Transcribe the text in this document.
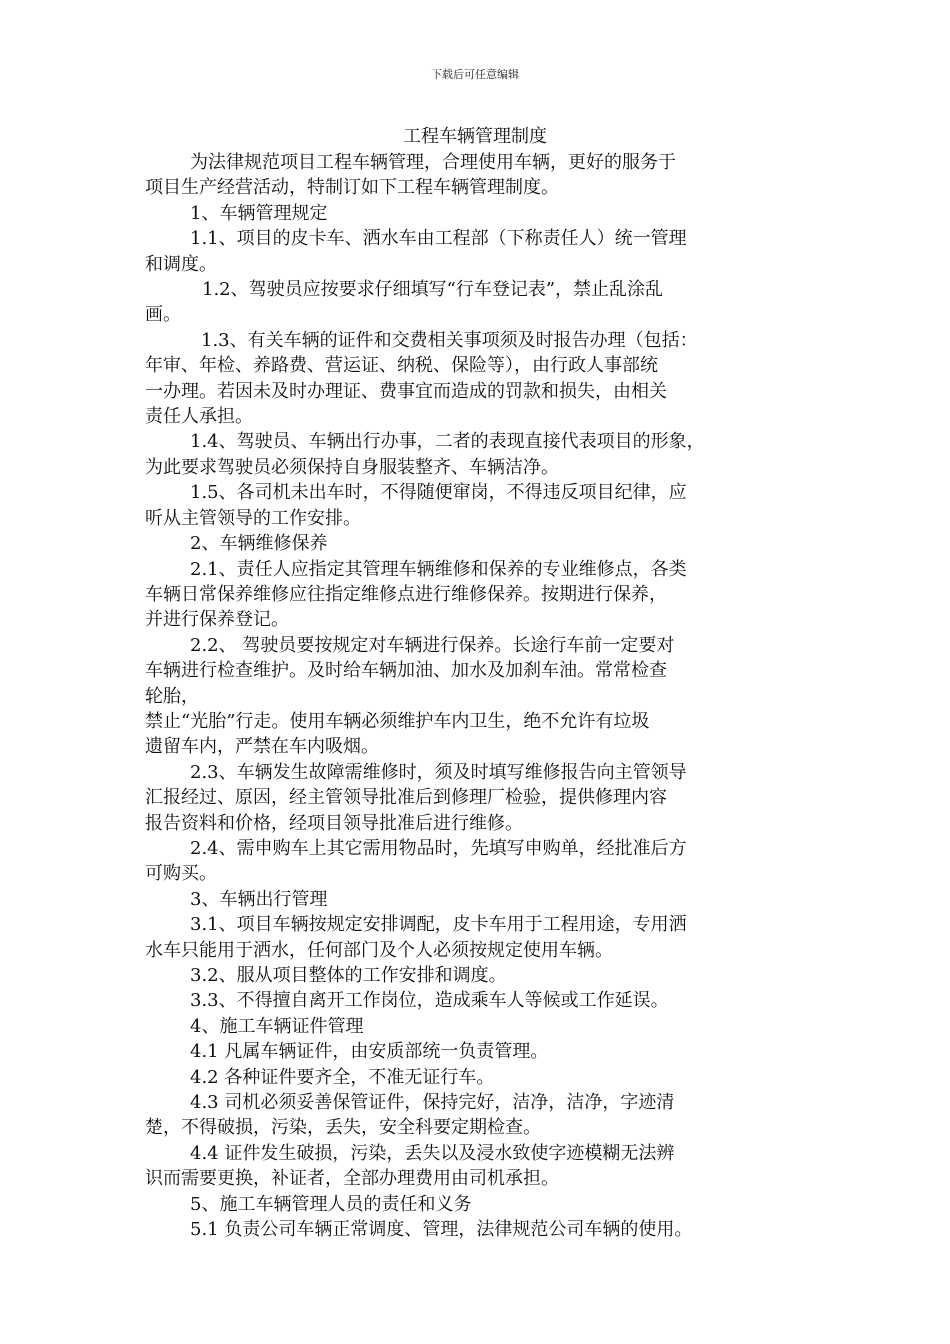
下载后可任意编辑
工程车辆管理制度

为法律规范项目工程车辆管理，合理使用车辆，更好的服务于

项目生产经营活动，特制订如下工程车辆管理制度。

1、车辆管理规定

1.1、项目的皮卡车、洒水车由工程部（下称责任人）统一管理

和调度。

1.2、驾驶员应按要求仔细填写“行车登记表”，禁止乱涂乱

画。

1.3、有关车辆的证件和交费相关事项须及时报告办理（包括：

年审、年检、养路费、营运证、纳税、保险等），由行政人事部统

一办理。若因未及时办理证、费事宜而造成的罚款和损失，由相关

责任人承担。

1.4、驾驶员、车辆出行办事，二者的表现直接代表项目的形象，

为此要求驾驶员必须保持自身服装整齐、车辆洁净。

1.5、各司机未出车时，不得随便窜岗，不得违反项目纪律，应

听从主管领导的工作安排。

2、车辆维修保养

2.1、责任人应指定其管理车辆维修和保养的专业维修点，各类

车辆日常保养维修应往指定维修点进行维修保养。按期进行保养，

并进行保养登记。

2.2、 驾驶员要按规定对车辆进行保养。长途行车前一定要对

车辆进行检查维护。及时给车辆加油、加水及加刹车油。常常检查

轮胎，

禁止“光胎”行走。使用车辆必须维护车内卫生，绝不允许有垃圾

遗留车内，严禁在车内吸烟。

2.3、车辆发生故障需维修时，须及时填写维修报告向主管领导

汇报经过、原因，经主管领导批准后到修理厂检验，提供修理内容

报告资料和价格，经项目领导批准后进行维修。

2.4、需申购车上其它需用物品时，先填写申购单，经批准后方

可购买。

3、车辆出行管理

3.1、项目车辆按规定安排调配，皮卡车用于工程用途，专用洒

水车只能用于洒水，任何部门及个人必须按规定使用车辆。

3.2、服从项目整体的工作安排和调度。

3.3、不得擅自离开工作岗位，造成乘车人等候或工作延误。

4、施工车辆证件管理

4.1 凡属车辆证件，由安质部统一负责管理。

4.2 各种证件要齐全，不准无证行车。

4.3 司机必须妥善保管证件，保持完好，洁净，洁净，字迹清

楚，不得破损，污染，丢失，安全科要定期检查。

4.4 证件发生破损，污染，丢失以及浸水致使字迹模糊无法辨

识而需要更换，补证者，全部办理费用由司机承担。

5、施工车辆管理人员的责任和义务

5.1 负责公司车辆正常调度、管理，法律规范公司车辆的使用。
